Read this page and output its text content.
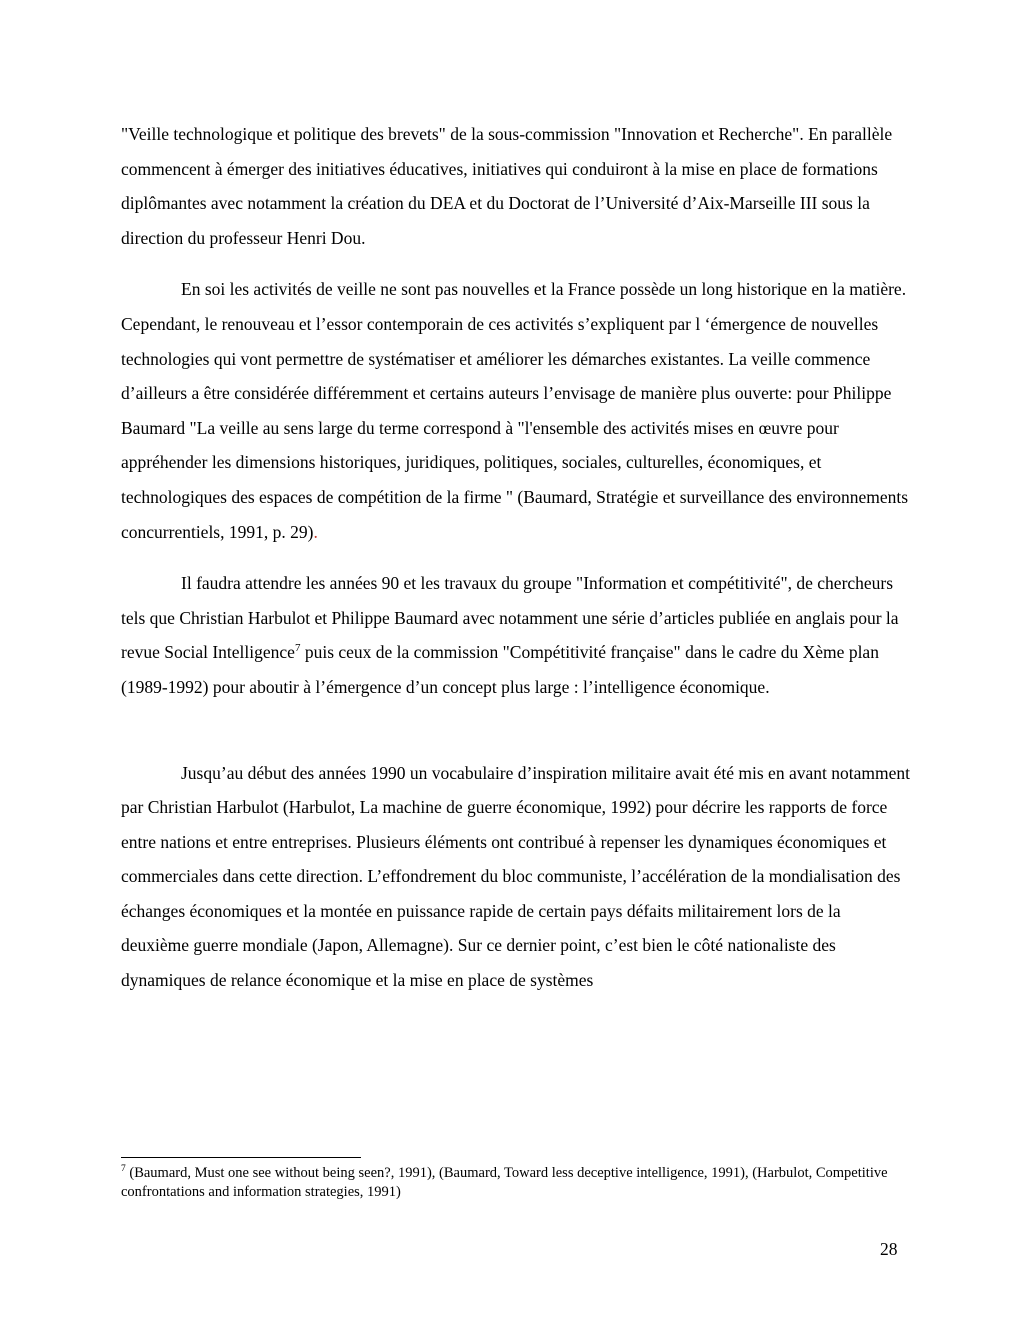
"Veille technologique et politique des brevets" de la sous-commission "Innovation et Recherche". En parallèle commencent à émerger des initiatives éducatives, initiatives qui conduiront à la mise en place de formations diplômantes avec notamment la création du DEA et du Doctorat de l’Université d’Aix-Marseille III sous la direction du professeur Henri Dou.

En soi les activités de veille ne sont pas nouvelles et la France possède un long historique en la matière. Cependant, le renouveau et l’essor contemporain de ces activités s’expliquent par l ‘émergence de nouvelles technologies qui vont permettre de systématiser et améliorer les démarches existantes. La veille commence d’ailleurs a être considérée différemment et certains auteurs l’envisage de manière plus ouverte: pour Philippe Baumard "La veille au sens large du terme correspond à "l'ensemble des activités mises en œuvre pour appréhender les dimensions historiques, juridiques, politiques, sociales, culturelles, économiques, et technologiques des espaces de compétition de la firme " (Baumard, Stratégie et surveillance des environnements concurrentiels, 1991, p. 29).

Il faudra attendre les années 90 et les travaux du groupe "Information et compétitivité", de chercheurs tels que Christian Harbulot et Philippe Baumard avec notamment une série d’articles publiée en anglais pour la revue Social Intelligence$^7$ puis ceux de la commission "Compétitivité française" dans le cadre du Xème plan (1989-1992) pour aboutir à l’émergence d’un concept plus large : l’intelligence économique.

Jusqu’au début des années 1990 un vocabulaire d’inspiration militaire avait été mis en avant notamment par Christian Harbulot (Harbulot, La machine de guerre économique, 1992) pour décrire les rapports de force entre nations et entre entreprises. Plusieurs éléments ont contribué à repenser les dynamiques économiques et commerciales dans cette direction. L’effondrement du bloc communiste, l’accélération de la mondialisation des échanges économiques et la montée en puissance rapide de certain pays défaits militairement lors de la deuxième guerre mondiale (Japon, Allemagne). Sur ce dernier point, c’est bien le côté nationaliste des dynamiques de relance économique et la mise en place de systèmes

$^7$ (Baumard, Must one see without being seen?, 1991), (Baumard, Toward less deceptive intelligence, 1991), (Harbulot, Competitive confrontations and information strategies, 1991)
28
